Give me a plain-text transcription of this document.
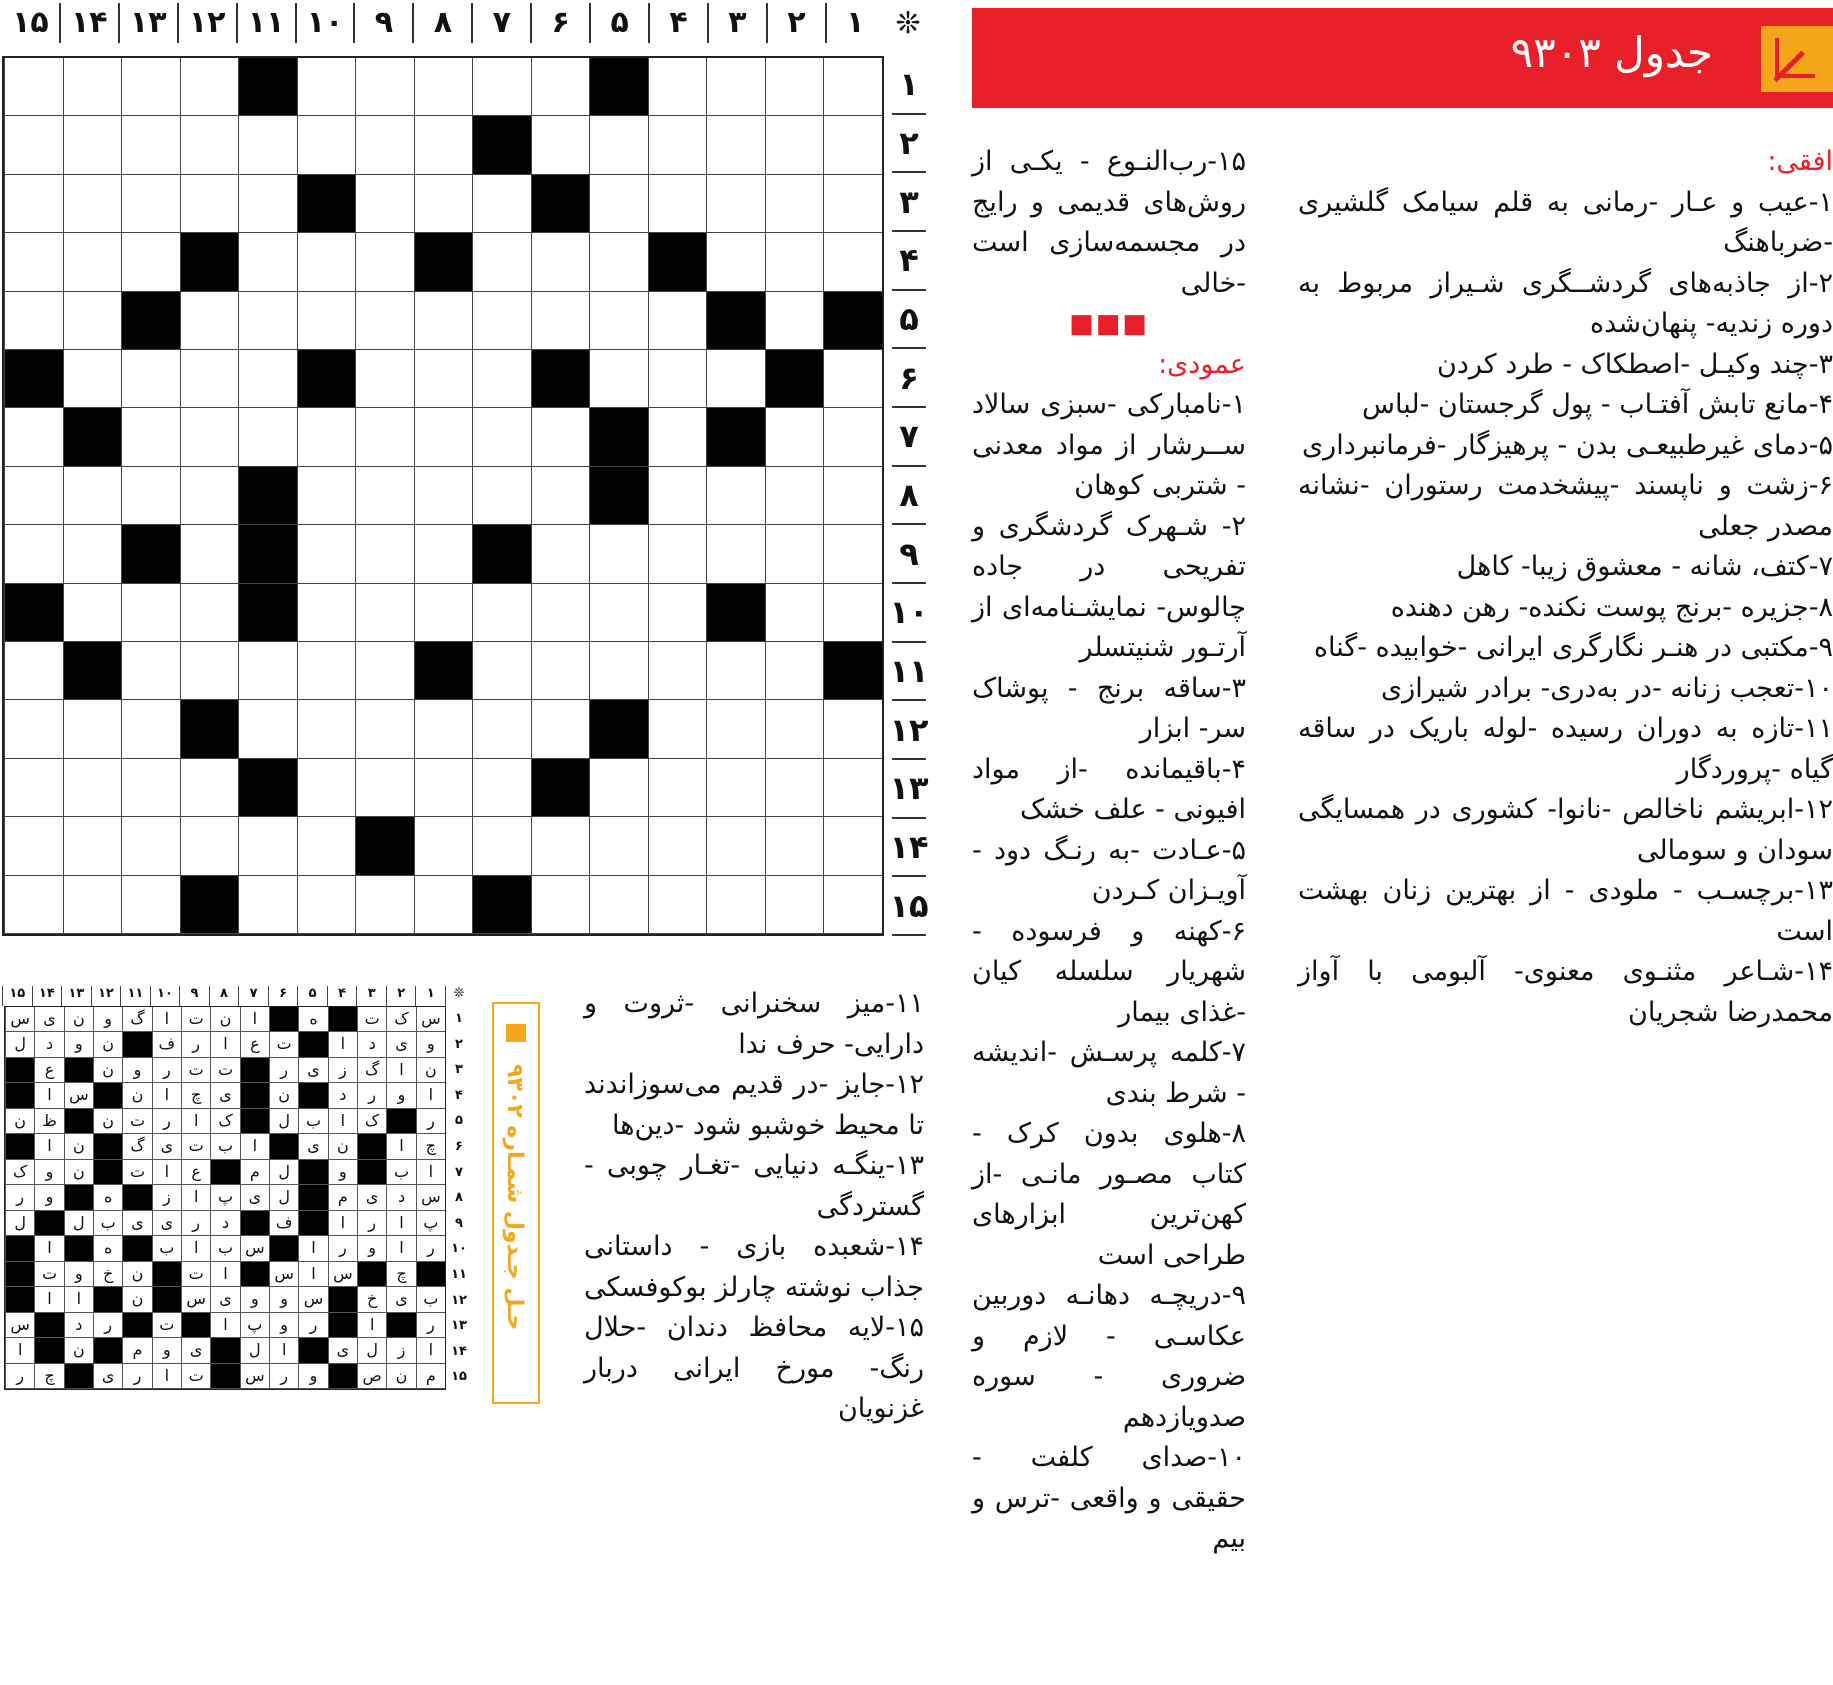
❊
۱
۲
۳
۴
۵
۶
۷
۸
۹
۱۰
۱۱
۱۲
۱۳
۱۴
۱۵
۱
۲
۳
۴
۵
۶
۷
۸
۹
۱۰
۱۱
۱۲
۱۳
۱۴
۱۵
جدول ۹۳۰۳
افقی:
۱-عیب و عـار -رمانی به قلم سیامک گلشیری -ضرباهنگ
۲-از جاذبه‌های گردشــگری شـیراز مربوط به دوره زندیه- پنهان‌شده
۳-چند وکیـل -اصطکاک - طرد کردن
۴-مانع تابش آفتـاب - پول گرجستان -لباس
۵-دمای غیرطبیعـی بدن - پرهیزگار -فرمانبرداری
۶-زشت و ناپسند -پیشخدمت رستوران -نشانه مصدر جعلی
۷-کتف، شانه - معشوق زیبا- کاهل
۸-جزیره -برنج پوست نکنده- رهن دهنده
۹-مکتبی در هنـر نگارگری ایرانی -خوابیده -گناه
۱۰-تعجب زنانه -در به‌دری- برادر شیرازی
۱۱-تازه به دوران رسیده -لوله باریک در ساقه گیاه -پروردگار
۱۲-ابریشم ناخالص -نانوا- کشوری در همسایگی سودان و سومالی
۱۳-برچسـب - ملودی - از بهترین زنان بهشت است
۱۴-شـاعر مثنـوی معنوی- آلبومی با آواز محمدرضا شجریان
۱۵-رب‌النـوع - یکـی از روش‌های قدیمی و رایج در مجسمه‌سازی است -خالی
■■■
عمودی:
۱-نامبارکی -سبزی سالاد ســرشار از مواد معدنی - شتربی کوهان
۲- شـهرک گردشگری و تفریحی در جاده چالوس- نمایشـنامه‌ای از آرتـور شنیتسلر
۳-ساقه برنج - پوشاک سر- ابزار
۴-باقیمانده -از مواد افیونی - علف خشک
۵-عـادت -به رنـگ دود - آویـزان کـردن
۶-کهنه و فرسوده - شهریار سلسله کیان -غذای بیمار
۷-کلمه پرسـش -اندیشه - شرط بندی
۸-هلوی بدون کرک - کتاب مصـور مانـی -از کهن‌ترین ابزارهای طراحی است
۹-دریچـه دهانـه دوربین عکاسـی - لازم و ضروری - سوره صدویازدهم
۱۰-صدای کلفت - حقیقی و واقعی -ترس و بیم
۱۱-میز سخنرانی -ثروت و دارایی- حرف ندا
۱۲-جایز -در قدیم می‌سوزاندند تا محیط خوشبو شود -دین‌ها
۱۳-ینگـه دنیایی -تغـار چوبی - گستردگی
۱۴-شعبده بازی - داستانی جذاب نوشته چارلز بوکوفسکی
۱۵-لایه محافظ دندان -حلال رنگ- مورخ ایرانی دربار غزنویان
❊
۱
۲
۳
۴
۵
۶
۷
۸
۹
۱۰
۱۱
۱۲
۱۳
۱۴
۱۵
۱
۲
۳
۴
۵
۶
۷
۸
۹
۱۰
۱۱
۱۲
۱۳
۱۴
۱۵
س
ک
ت
ه
ا
ن
ت
ا
گ
و
ن
ی
س
و
ی
د
ا
ت
ع
ا
ر
ف
ن
و
د
ل
ن
ا
گ
ز
ی
ر
ت
ت
ر
و
ن
ع
ا
و
ر
د
ن
ی
چ
ا
ن
س
ا
ر
ک
ا
ب
ل
ک
ا
ر
ت
ن
ظ
ن
چ
ا
ن
ی
ا
ب
ت
ی
گ
ن
ا
ا
ب
و
ل
م
ع
ا
ت
ن
و
ک
س
د
ی
م
ل
ی
پ
ا
ز
ه
و
ر
پ
ا
ر
ا
ف
د
ر
ی
ی
ب
ل
ل
ر
ا
و
ر
ا
س
ب
ا
ب
ه
ا
چ
س
ا
س
ا
ت
ن
خ
و
ت
ب
ی
خ
س
و
و
ی
س
ن
ا
ا
ر
ا
ر
و
پ
ا
ت
ر
د
س
ا
ز
ل
ی
ا
ل
ی
و
م
ن
ا
م
ن
ص
و
ر
س
ت
ا
ر
ی
چ
ر
حـل جـدول شمـاره ۹۳۰۲
